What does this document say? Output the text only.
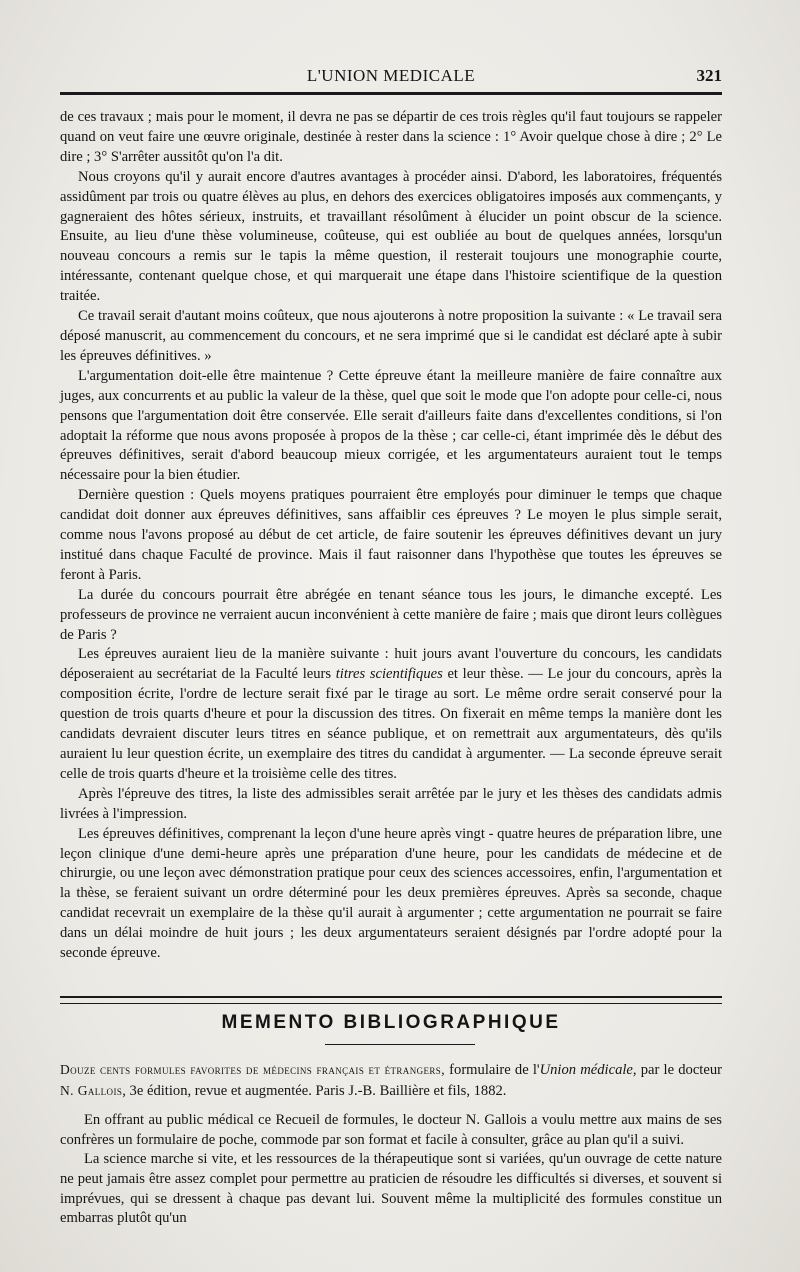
L'UNION MEDICALE	321

de ces travaux ; mais pour le moment, il devra ne pas se départir de ces trois règles qu'il faut toujours se rappeler quand on veut faire une œuvre originale, destinée à rester dans la science : 1° Avoir quelque chose à dire ; 2° Le dire ; 3° S'arrêter aussitôt qu'on l'a dit.

Nous croyons qu'il y aurait encore d'autres avantages à procéder ainsi. D'abord, les laboratoires, fréquentés assidûment par trois ou quatre élèves au plus, en dehors des exercices obligatoires imposés aux commençants, y gagneraient des hôtes sérieux, instruits, et travaillant résolûment à élucider un point obscur de la science. Ensuite, au lieu d'une thèse volumineuse, coûteuse, qui est oubliée au bout de quelques années, lorsqu'un nouveau concours a remis sur le tapis la même question, il resterait toujours une monographie courte, intéressante, contenant quelque chose, et qui marquerait une étape dans l'histoire scientifique de la question traitée.

Ce travail serait d'autant moins coûteux, que nous ajouterons à notre proposition la suivante : « Le travail sera déposé manuscrit, au commencement du concours, et ne sera imprimé que si le candidat est déclaré apte à subir les épreuves définitives. »

L'argumentation doit-elle être maintenue ? Cette épreuve étant la meilleure manière de faire connaître aux juges, aux concurrents et au public la valeur de la thèse, quel que soit le mode que l'on adopte pour celle-ci, nous pensons que l'argumentation doit être conservée. Elle serait d'ailleurs faite dans d'excellentes conditions, si l'on adoptait la réforme que nous avons proposée à propos de la thèse ; car celle-ci, étant imprimée dès le début des épreuves définitives, serait d'abord beaucoup mieux corrigée, et les argumentateurs auraient tout le temps nécessaire pour la bien étudier.

Dernière question : Quels moyens pratiques pourraient être employés pour diminuer le temps que chaque candidat doit donner aux épreuves définitives, sans affaiblir ces épreuves ? Le moyen le plus simple serait, comme nous l'avons proposé au début de cet article, de faire soutenir les épreuves définitives devant un jury institué dans chaque Faculté de province. Mais il faut raisonner dans l'hypothèse que toutes les épreuves se feront à Paris.

La durée du concours pourrait être abrégée en tenant séance tous les jours, le dimanche excepté. Les professeurs de province ne verraient aucun inconvénient à cette manière de faire ; mais que diront leurs collègues de Paris ?

Les épreuves auraient lieu de la manière suivante : huit jours avant l'ouverture du concours, les candidats déposeraient au secrétariat de la Faculté leurs titres scientifiques et leur thèse. — Le jour du concours, après la composition écrite, l'ordre de lecture serait fixé par le tirage au sort. Le même ordre serait conservé pour la question de trois quarts d'heure et pour la discussion des titres. On fixerait en même temps la manière dont les candidats devraient discuter leurs titres en séance publique, et on remettrait aux argumentateurs, dès qu'ils auraient lu leur question écrite, un exemplaire des titres du candidat à argumenter. — La seconde épreuve serait celle de trois quarts d'heure et la troisième celle des titres.

Après l'épreuve des titres, la liste des admissibles serait arrêtée par le jury et les thèses des candidats admis livrées à l'impression.

Les épreuves définitives, comprenant la leçon d'une heure après vingt - quatre heures de préparation libre, une leçon clinique d'une demi-heure après une préparation d'une heure, pour les candidats de médecine et de chirurgie, ou une leçon avec démonstration pratique pour ceux des sciences accessoires, enfin, l'argumentation et la thèse, se feraient suivant un ordre déterminé pour les deux premières épreuves. Après sa seconde, chaque candidat recevrait un exemplaire de la thèse qu'il aurait à argumenter ; cette argumentation ne pourrait se faire dans un délai moindre de huit jours ; les deux argumentateurs seraient désignés par l'ordre adopté pour la seconde épreuve.

MEMENTO BIBLIOGRAPHIQUE

Douze cents formules favorites de médecins français et étrangers, formulaire de l'Union médicale, par le docteur N. Gallois, 3e édition, revue et augmentée. Paris J.-B. Baillière et fils, 1882.

En offrant au public médical ce Recueil de formules, le docteur N. Gallois a voulu mettre aux mains de ses confrères un formulaire de poche, commode par son format et facile à consulter, grâce au plan qu'il a suivi.

La science marche si vite, et les ressources de la thérapeutique sont si variées, qu'un ouvrage de cette nature ne peut jamais être assez complet pour permettre au praticien de résoudre les difficultés si diverses, et souvent si imprévues, qui se dressent à chaque pas devant lui. Souvent même la multiplicité des formules constitue un embarras plutôt qu'un
